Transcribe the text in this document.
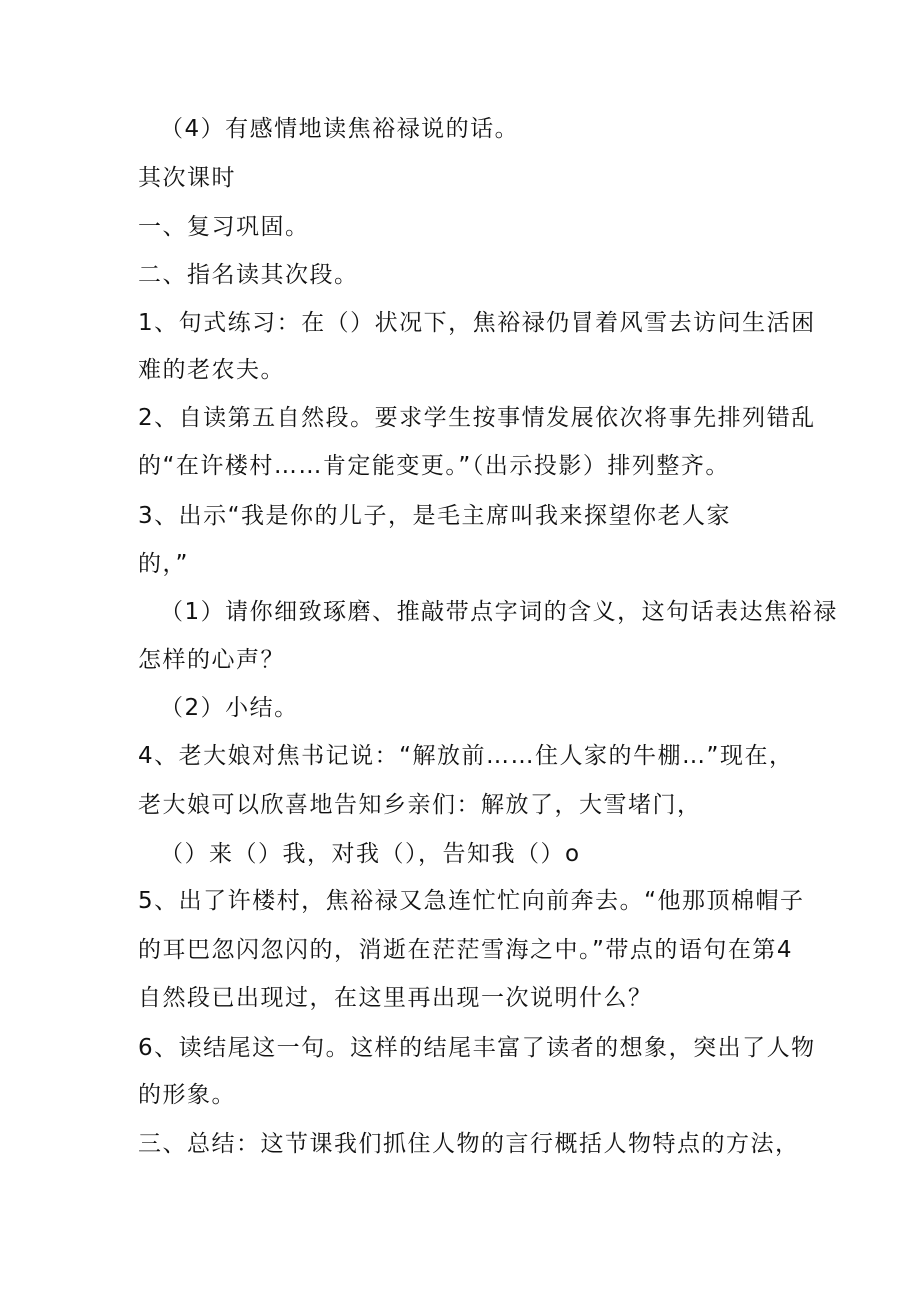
（4）有感情地读焦裕禄说的话。
其次课时
一、复习巩固。
二、指名读其次段。
1、句式练习：在（）状况下，焦裕禄仍冒着风雪去访问生活困
难的老农夫。
2、自读第五自然段。要求学生按事情发展依次将事先排列错乱
的“在许楼村……肯定能变更。”（出示投影）排列整齐。
3、出示“我是你的儿子，是毛主席叫我来探望你老人家
的，”
（1）请你细致琢磨、推敲带点字词的含义，这句话表达焦裕禄
怎样的心声？
（2）小结。
4、老大娘对焦书记说：“解放前……住人家的牛棚…”现在，
老大娘可以欣喜地告知乡亲们：解放了，大雪堵门，
（）来（）我，对我（），告知我（）o
5、出了许楼村，焦裕禄又急连忙忙向前奔去。“他那顶棉帽子
的耳巴忽闪忽闪的，消逝在茫茫雪海之中。”带点的语句在第4
自然段已出现过，在这里再出现一次说明什么？
6、读结尾这一句。这样的结尾丰富了读者的想象，突出了人物
的形象。
三、总结：这节课我们抓住人物的言行概括人物特点的方法，
